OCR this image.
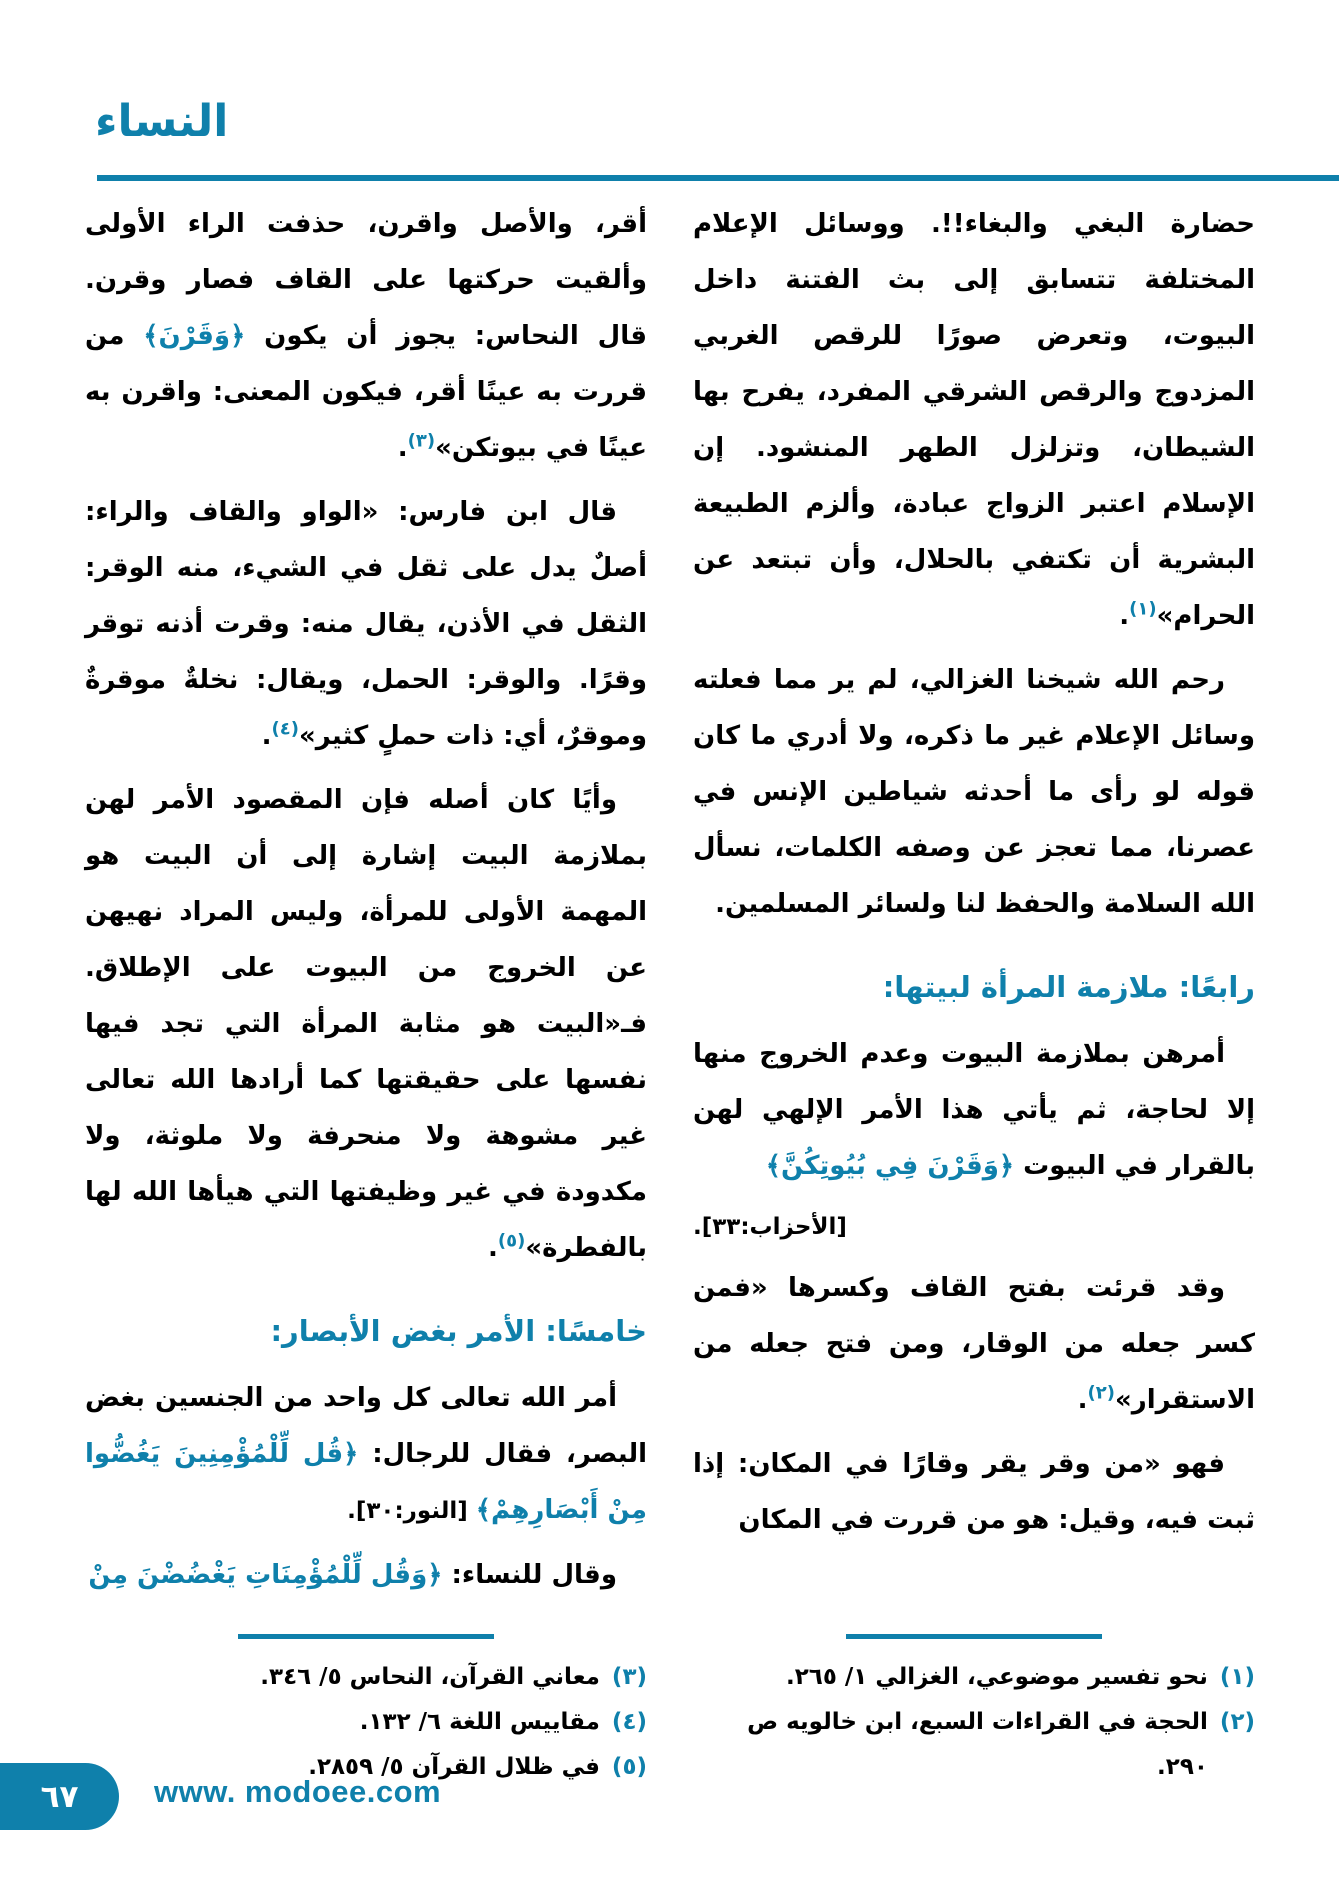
النساء

حضارة البغي والبغاء!!. ووسائل الإعلام المختلفة تتسابق إلى بث الفتنة داخل البيوت، وتعرض صورًا للرقص الغربي المزدوج والرقص الشرقي المفرد، يفرح بها الشيطان، وتزلزل الطهر المنشود. إن الإسلام اعتبر الزواج عبادة، وألزم الطبيعة البشرية أن تكتفي بالحلال، وأن تبتعد عن الحرام»$^{(١)}$.

رحم الله شيخنا الغزالي، لم ير مما فعلته وسائل الإعلام غير ما ذكره، ولا أدري ما كان قوله لو رأى ما أحدثه شياطين الإنس في عصرنا، مما تعجز عن وصفه الكلمات، نسأل الله السلامة والحفظ لنا ولسائر المسلمين.

رابعًا: ملازمة المرأة لبيتها:

أمرهن بملازمة البيوت وعدم الخروج منها إلا لحاجة، ثم يأتي هذا الأمر الإلهي لهن بالقرار في البيوت ﴿وَقَرْنَ فِي بُيُوتِكُنَّ﴾

[الأحزاب:٣٣].

وقد قرئت بفتح القاف وكسرها «فمن كسر جعله من الوقار، ومن فتح جعله من الاستقرار»$^{(٢)}$.

فهو «من وقر يقر وقارًا في المكان: إذا ثبت فيه، وقيل: هو من قررت في المكان

(١)
نحو تفسير موضوعي، الغزالي ١/ ٢٦٥.
(٢)
الحجة في القراءات السبع، ابن خالويه ص ٢٩٠.

أقر، والأصل واقرن، حذفت الراء الأولى وألقيت حركتها على القاف فصار وقرن. قال النحاس: يجوز أن يكون ﴿وَقَرْنَ﴾ من قررت به عينًا أقر، فيكون المعنى: واقرن به عينًا في بيوتكن»$^{(٣)}$.

قال ابن فارس: «الواو والقاف والراء: أصلٌ يدل على ثقل في الشيء، منه الوقر: الثقل في الأذن، يقال منه: وقرت أذنه توقر وقرًا. والوقر: الحمل، ويقال: نخلةٌ موقرةٌ وموقرٌ، أي: ذات حملٍ كثير»$^{(٤)}$.

وأيًا كان أصله فإن المقصود الأمر لهن بملازمة البيت إشارة إلى أن البيت هو المهمة الأولى للمرأة، وليس المراد نهيهن عن الخروج من البيوت على الإطلاق. فـ«البيت هو مثابة المرأة التي تجد فيها نفسها على حقيقتها كما أرادها الله تعالى غير مشوهة ولا منحرفة ولا ملوثة، ولا مكدودة في غير وظيفتها التي هيأها الله لها بالفطرة»$^{(٥)}$.

خامسًا: الأمر بغض الأبصار:

أمر الله تعالى كل واحد من الجنسين بغض البصر، فقال للرجال: ﴿قُل لِّلْمُؤْمِنِينَ يَغُضُّوا مِنْ أَبْصَارِهِمْ﴾ [النور:٣٠].

وقال للنساء: ﴿وَقُل لِّلْمُؤْمِنَاتِ يَغْضُضْنَ مِنْ

(٣)
معاني القرآن، النحاس ٥/ ٣٤٦.
(٤)
مقاييس اللغة ٦/ ١٣٢.
(٥)
في ظلال القرآن ٥/ ٢٨٥٩.
٦٧ www. modoee.com
